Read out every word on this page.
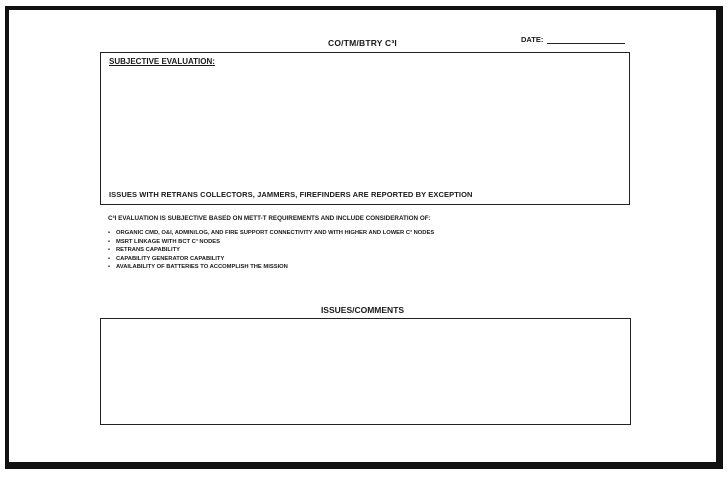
CO/TM/BTRY C³I	DATE:
SUBJECTIVE EVALUATION:
ISSUES WITH RETRANS COLLECTORS, JAMMERS, FIREFINDERS ARE REPORTED BY EXCEPTION
C³I EVALUATION IS SUBJECTIVE BASED ON METT-T REQUIREMENTS AND INCLUDE CONSIDERATION OF:
• ORGANIC CMD, O&I, ADMIN/LOG, AND FIRE SUPPORT CONNECTIVITY AND WITH HIGHER AND LOWER C³ NODES
• MSRT LINKAGE WITH BCT C³ NODES
• RETRANS CAPABILITY
• CAPABILITY GENERATOR CAPABILITY
• AVAILABILITY OF BATTERIES TO ACCOMPLISH THE MISSION
ISSUES/COMMENTS
